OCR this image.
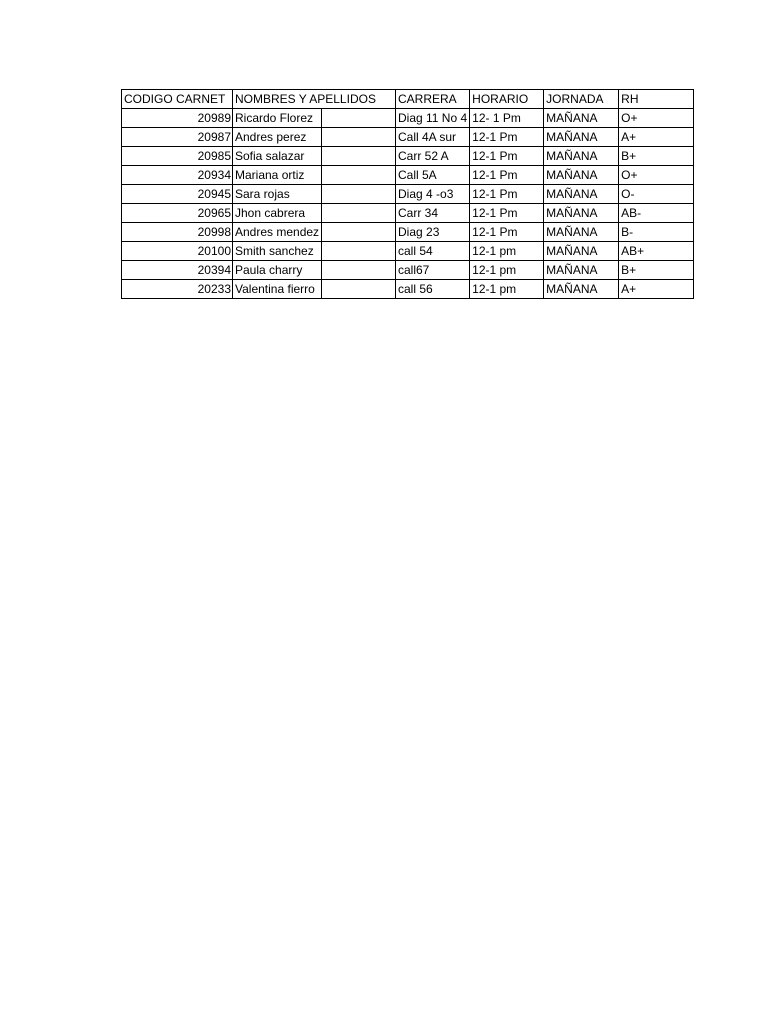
CODIGO CARNET	NOMBRES Y APELLIDOS		CARRERA	HORARIO	JORNADA	RH
20989	Ricardo Florez		Diag 11 No 4	12- 1 Pm	MAÑANA	O+
20987	Andres perez		Call 4A sur	12-1 Pm	MAÑANA	A+
20985	Sofia salazar		Carr 52 A	12-1 Pm	MAÑANA	B+
20934	Mariana ortiz		Call 5A	12-1 Pm	MAÑANA	O+
20945	Sara rojas		Diag 4 -o3	12-1 Pm	MAÑANA	O-
20965	Jhon cabrera		Carr 34	12-1 Pm	MAÑANA	AB-
20998	Andres mendez		Diag 23	12-1 Pm	MAÑANA	B-
20100	Smith sanchez		call 54	12-1 pm	MAÑANA	AB+
20394	Paula charry		call67	12-1 pm	MAÑANA	B+
20233	Valentina fierro		call 56	12-1 pm	MAÑANA	A+
